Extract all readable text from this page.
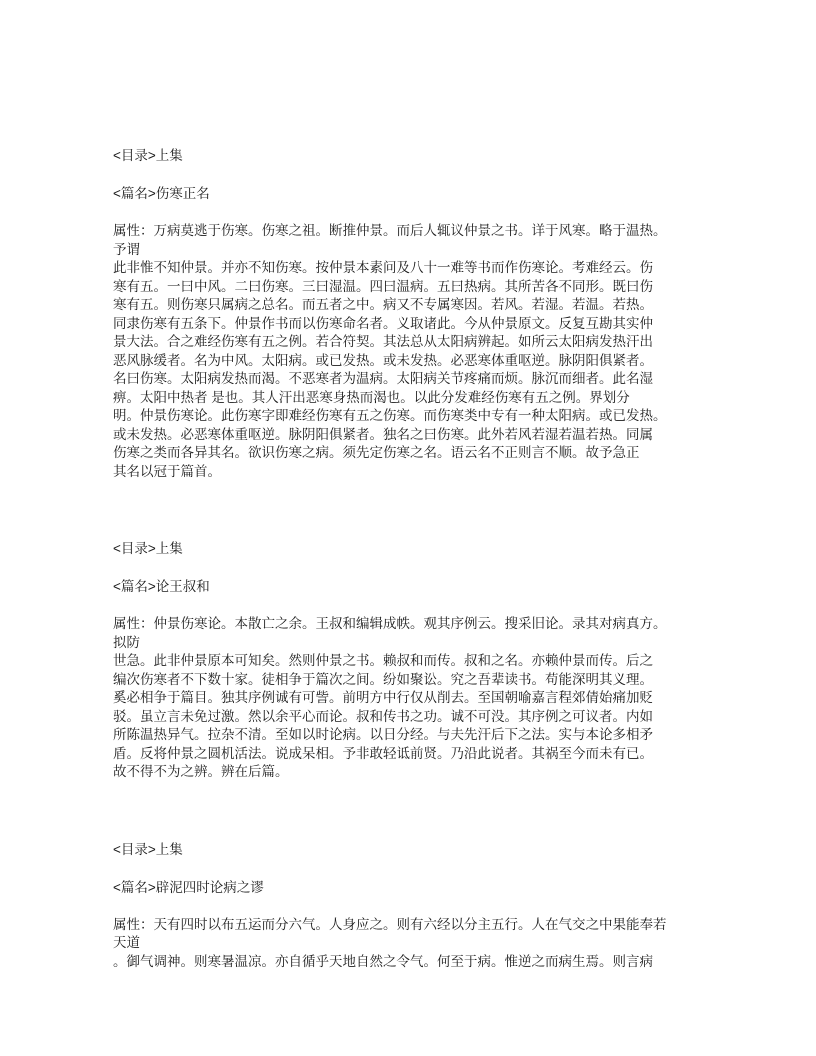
<目录>上集
<篇名>伤寒正名
属性：万病莫逃于伤寒。伤寒之祖。断推仲景。而后人辄议仲景之书。详于风寒。略于温热。
予谓
此非惟不知仲景。并亦不知伤寒。按仲景本素问及八十一难等书而作伤寒论。考难经云。伤
寒有五。一曰中风。二曰伤寒。三曰湿温。四曰温病。五曰热病。其所苦各不同形。既曰伤
寒有五。则伤寒只属病之总名。而五者之中。病又不专属寒因。若风。若湿。若温。若热。
同隶伤寒有五条下。仲景作书而以伤寒命名者。义取诸此。今从仲景原文。反复互勘其实仲
景大法。合之难经伤寒有五之例。若合符契。其法总从太阳病辨起。如所云太阳病发热汗出
恶风脉缓者。名为中风。太阳病。或已发热。或未发热。必恶寒体重呕逆。脉阴阳俱紧者。
名曰伤寒。太阳病发热而渴。不恶寒者为温病。太阳病关节疼痛而烦。脉沉而细者。此名湿
痹。太阳中热者 是也。其人汗出恶寒身热而渴也。以此分发难经伤寒有五之例。界划分
明。仲景伤寒论。此伤寒字即难经伤寒有五之伤寒。而伤寒类中专有一种太阳病。或已发热。
或未发热。必恶寒体重呕逆。脉阴阳俱紧者。独名之曰伤寒。此外若风若湿若温若热。同属
伤寒之类而各异其名。欲识伤寒之病。须先定伤寒之名。语云名不正则言不顺。故予急正
其名以冠于篇首。
<目录>上集
<篇名>论王叔和
属性：仲景伤寒论。本散亡之余。王叔和编辑成帙。观其序例云。搜采旧论。录其对病真方。
拟防
世急。此非仲景原本可知矣。然则仲景之书。赖叔和而传。叔和之名。亦赖仲景而传。后之
编次伤寒者不下数十家。徒相争于篇次之间。纷如聚讼。究之吾辈读书。苟能深明其义理。
奚必相争于篇目。独其序例诚有可訾。前明方中行仅从削去。至国朝喻嘉言程郊倩始痛加贬
驳。虽立言未免过激。然以余平心而论。叔和传书之功。诚不可没。其序例之可议者。内如
所陈温热异气。拉杂不清。至如以时论病。以日分经。与夫先汗后下之法。实与本论多相矛
盾。反将仲景之圆机活法。说成呆相。予非敢轻诋前贤。乃沿此说者。其祸至今而未有已。
故不得不为之辨。辨在后篇。
<目录>上集
<篇名>辟泥四时论病之谬
属性：天有四时以布五运而分六气。人身应之。则有六经以分主五行。人在气交之中果能奉若
天道
。御气调神。则寒暑温凉。亦自循乎天地自然之令气。何至于病。惟逆之而病生焉。则言病
